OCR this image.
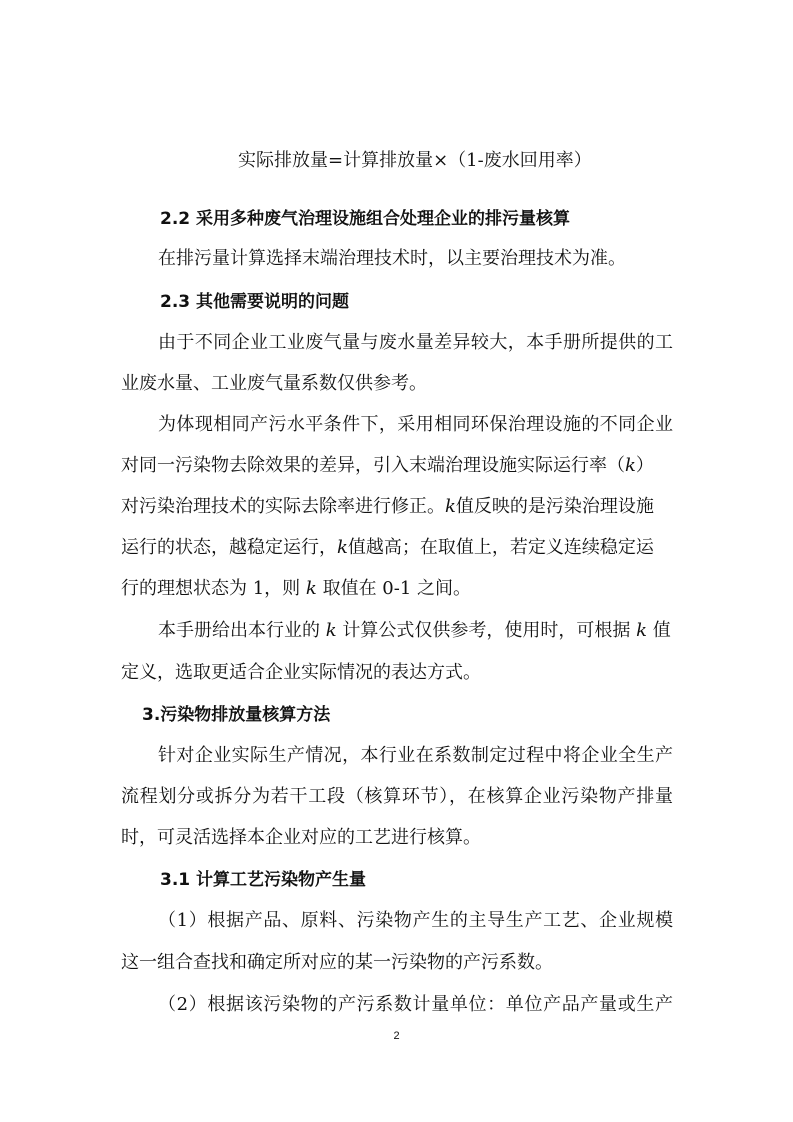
实际排放量=计算排放量×（1-废水回用率）
2.2 采用多种废气治理设施组合处理企业的排污量核算
在排污量计算选择末端治理技术时，以主要治理技术为准。
2.3 其他需要说明的问题
由于不同企业工业废气量与废水量差异较大，本手册所提供的工
业废水量、工业废气量系数仅供参考。
为体现相同产污水平条件下，采用相同环保治理设施的不同企业
对同一污染物去除效果的差异，引入末端治理设施实际运行率（k）
对污染治理技术的实际去除率进行修正。k值反映的是污染治理设施
运行的状态，越稳定运行，k值越高；在取值上，若定义连续稳定运
行的理想状态为 1，则 k 取值在 0-1 之间。
本手册给出本行业的 k 计算公式仅供参考，使用时，可根据 k 值
定义，选取更适合企业实际情况的表达方式。
3.污染物排放量核算方法
针对企业实际生产情况，本行业在系数制定过程中将企业全生产
流程划分或拆分为若干工段（核算环节），在核算企业污染物产排量
时，可灵活选择本企业对应的工艺进行核算。
3.1 计算工艺污染物产生量
（1）根据产品、原料、污染物产生的主导生产工艺、企业规模
这一组合查找和确定所对应的某一污染物的产污系数。
（2）根据该污染物的产污系数计量单位：单位产品产量或生产
2
